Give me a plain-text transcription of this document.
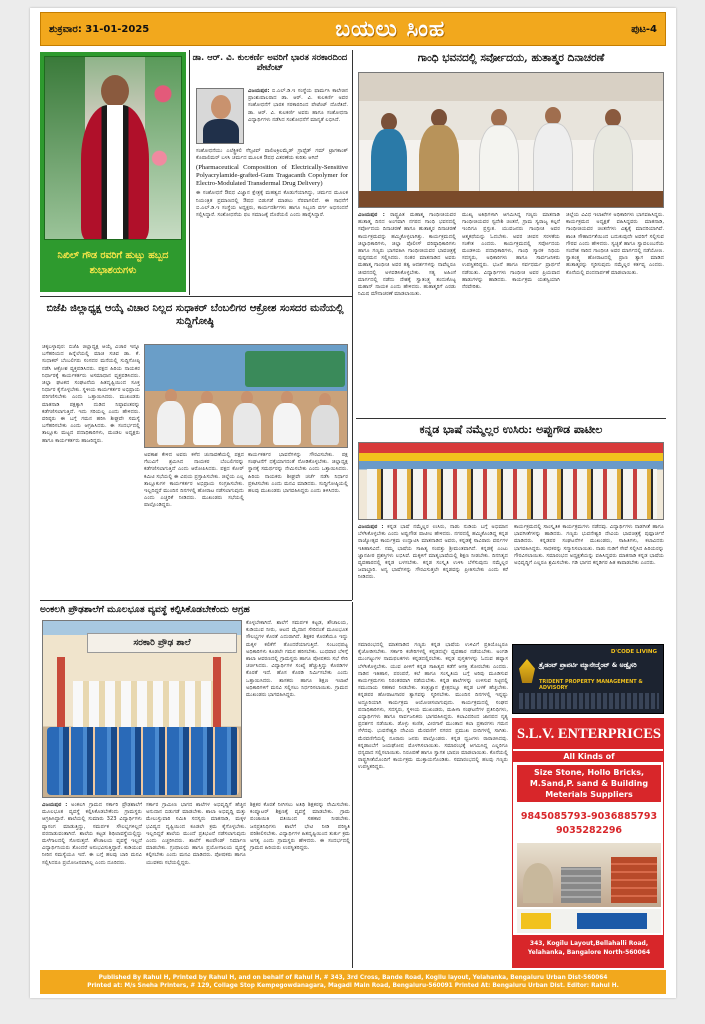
ಶುಕ್ರವಾರ: 31-01-2025	ಬಯಲು ಸಿಂಹ	ಪುಟ-4
ನಿಖಿಲ್ ಗೌಡ ರವರಿಗೆ ಹುಟ್ಟು ಹಬ್ಬದ ಶುಭಾಶಯಗಳು
ಡಾ. ಆರ್. ವಿ. ಕುಲಕರ್ಣಿ ಅವರಿಗೆ ಭಾರತ ಸರಕಾರದಿಂದ ಪೇಟೆಂಟ್
ವಿಜಯಪುರ: ಬಿ.ಎಲ್.ಡಿ.ಇ ಸಂಸ್ಥೆಯ ಫಾರ್ಮಸಿ ಕಾಲೇಜಿನ ಪ್ರಾಂಶುಪಾಲರಾದ ಡಾ. ಆರ್. ವಿ. ಕುಲಕರ್ಣಿ ಅವರ ಸಂಶೋಧನೆಗೆ ಭಾರತ ಸರಕಾರದಿಂದ ಪೇಟೆಂಟ್ ದೊರೆತಿದೆ. ಡಾ. ಆರ್. ವಿ. ಕುಲಕರ್ಣಿ ಅವರು ಹಾಗೂ ಸಂಶೋಧನಾ ವಿದ್ಯಾರ್ಥಿಗಳು ನಡೆಸಿದ ಸಂಶೋಧನೆಗೆ ಮಾನ್ಯತೆ ಲಭಿಸಿದೆ.
ಸಂಶೋಧನೆಯು ಎಲೆಕ್ಟ್ರಿಕಲಿ ಸೆನ್ಸಿಟಿವ್ ಪಾಲಿಅಕ್ರಿಲಮೈಡ್ ಗ್ರಾಫ್ಟೆಡ್ ಗಮ್ ಟ್ರಾಗಕಾಂತ್ ಕೊಪಾಲಿಮರ್ ಬಳಸಿ ಚರ್ಮದ ಮೂಲಕ ಔಷಧ ವಿತರಣೆಯ ಕುರಿತು ಆಗಿದೆ
(Pharmaceutical Composition of Electrically-Sensitive Polyacrylamide-grafted-Gum Tragacanth Copolymer for Electro-Modulated Transdermal Drug Delivery)
ಈ ಸಂಶೋಧನೆ ಔಷಧ ವಿಜ್ಞಾನ ಕ್ಷೇತ್ರಕ್ಕೆ ಮಹತ್ವದ ಕೊಡುಗೆಯಾಗಿದ್ದು, ಚರ್ಮದ ಮೂಲಕ ನಿಯಂತ್ರಿತ ಪ್ರಮಾಣದಲ್ಲಿ ಔಷಧ ಬಿಡುಗಡೆ ಮಾಡಲು ನೆರವಾಗಲಿದೆ. ಈ ಸಾಧನೆಗೆ ಬಿ.ಎಲ್.ಡಿ.ಇ ಸಂಸ್ಥೆಯ ಅಧ್ಯಕ್ಷರು, ಕಾರ್ಯದರ್ಶಿಗಳು ಹಾಗೂ ಸಿಬ್ಬಂದಿ ವರ್ಗ ಅಭಿನಂದನೆ ಸಲ್ಲಿಸಿದ್ದಾರೆ. ಸಂಶೋಧನೆಯ ಫಲ ಸಮಾಜಕ್ಕೆ ದೊರೆಯಲಿ ಎಂದು ಹಾರೈಸಿದ್ದಾರೆ.
ಗಾಂಧಿ ಭವನದಲ್ಲಿ ಸರ್ವೋದಯ, ಹುತಾತ್ಮರ ದಿನಾಚರಣೆ
ವಿಜಯಪುರ : ರಾಷ್ಟ್ರಪಿತ ಮಹಾತ್ಮ ಗಾಂಧೀಜಿಯವರ ಹುತಾತ್ಮ ದಿನದ ಅಂಗವಾಗಿ ನಗರದ ಗಾಂಧಿ ಭವನದಲ್ಲಿ ಸರ್ವೋದಯ ದಿನಾಚರಣೆ ಹಾಗೂ ಹುತಾತ್ಮರ ದಿನಾಚರಣೆ ಕಾರ್ಯಕ್ರಮವನ್ನು ಹಮ್ಮಿಕೊಳ್ಳಲಾಗಿತ್ತು. ಕಾರ್ಯಕ್ರಮದಲ್ಲಿ ಜಿಲ್ಲಾಧಿಕಾರಿಗಳು, ಜಿಲ್ಲಾ ಪೊಲೀಸ್ ವರಿಷ್ಠಾಧಿಕಾರಿಗಳು ಹಾಗೂ ಗಣ್ಯರು ಭಾಗವಹಿಸಿ ಗಾಂಧೀಜಿಯವರ ಭಾವಚಿತ್ರಕ್ಕೆ ಪುಷ್ಪನಮನ ಸಲ್ಲಿಸಿದರು. ನಂತರ ಮಾತನಾಡಿದ ಅವರು ಮಹಾತ್ಮ ಗಾಂಧೀಜಿ ಅವರ ತತ್ವ ಆದರ್ಶಗಳನ್ನು ನಾವೆಲ್ಲರೂ ಜೀವನದಲ್ಲಿ ಅಳವಡಿಸಿಕೊಳ್ಳಬೇಕು. ಸತ್ಯ ಅಹಿಂಸೆ ಮಾರ್ಗದಲ್ಲಿ ನಡೆದು ದೇಶಕ್ಕೆ ಸ್ವಾತಂತ್ರ್ಯ ತಂದುಕೊಟ್ಟ ಮಹಾನ್ ನಾಯಕ ಎಂದು ಹೇಳಿದರು. ಹುತಾತ್ಮರಿಗೆ ಎರಡು ನಿಮಿಷ ಮೌನಾಚರಣೆ ಮಾಡಲಾಯಿತು.
ಮುಖ್ಯ ಅತಿಥಿಗಳಾಗಿ ಆಗಮಿಸಿದ್ದ ಗಣ್ಯರು ಮಾತನಾಡಿ ಗಾಂಧೀಜಿಯವರ ಸ್ವದೇಶಿ ಚಿಂತನೆ, ಗ್ರಾಮ ಸ್ವರಾಜ್ಯ ಕಲ್ಪನೆ ಇಂದಿಗೂ ಪ್ರಸ್ತುತ. ಯುವಜನರು ಗಾಂಧೀಜಿ ಅವರ ಆತ್ಮಕಥೆಯನ್ನು ಓದಬೇಕು. ಅವರ ಜೀವನ ಸರಳತೆಯ ಸಂಕೇತ ಎಂದರು. ಕಾರ್ಯಕ್ರಮದಲ್ಲಿ ಸರ್ವೋದಯ ಮಂಡಳಿಯ ಪದಾಧಿಕಾರಿಗಳು, ಗಾಂಧಿ ಸ್ಮಾರಕ ನಿಧಿಯ ಸದಸ್ಯರು, ಅಧಿಕಾರಿಗಳು ಹಾಗೂ ಸಾರ್ವಜನಿಕರು ಉಪಸ್ಥಿತರಿದ್ದರು. ಭಜನೆ ಹಾಗೂ ಸರ್ವಧರ್ಮ ಪ್ರಾರ್ಥನೆ ನಡೆಯಿತು. ವಿದ್ಯಾರ್ಥಿಗಳು ಗಾಂಧೀಜಿ ಅವರ ಪ್ರಿಯವಾದ ಹಾಡುಗಳನ್ನು ಹಾಡಿದರು. ಕಾರ್ಯಕ್ರಮ ಯಶಸ್ವಿಯಾಗಿ ನೆರವೇರಿತು.
ಜಿಲ್ಲೆಯ ವಿವಿಧ ಇಲಾಖೆಗಳ ಅಧಿಕಾರಿಗಳು ಭಾಗವಹಿಸಿದ್ದರು. ಕಾರ್ಯಕ್ರಮದ ಅಧ್ಯಕ್ಷತೆ ವಹಿಸಿದ್ದವರು ಮಾತನಾಡಿ, ಗಾಂಧೀಜಿಯವರ ಚಿಂತನೆಗಳು ವಿಶ್ವಕ್ಕೆ ಮಾದರಿಯಾಗಿವೆ. ಶಾಂತಿ ಸೌಹಾರ್ದತೆಯಿಂದ ಬದುಕುವುದೇ ಅವರಿಗೆ ಸಲ್ಲಿಸುವ ಗೌರವ ಎಂದು ಹೇಳಿದರು. ಸ್ವಚ್ಛತೆ ಹಾಗೂ ಸ್ವಾವಲಂಬನೆಯ ಸಂದೇಶ ಸಾರಿದ ಗಾಂಧೀಜಿ ಅವರ ಮಾರ್ಗದಲ್ಲಿ ನಡೆಯೋಣ. ಸ್ವಾತಂತ್ರ್ಯ ಹೋರಾಟದಲ್ಲಿ ಪ್ರಾಣ ತ್ಯಾಗ ಮಾಡಿದ ಹುತಾತ್ಮರನ್ನು ಸ್ಮರಿಸುವುದು ನಮ್ಮೆಲ್ಲರ ಕರ್ತವ್ಯ ಎಂದರು. ಕೊನೆಯಲ್ಲಿ ವಂದನಾರ್ಪಣೆ ಮಾಡಲಾಯಿತು.
ಬಿಜೆಪಿ ಜಿಲ್ಲಾಧ್ಯಕ್ಷ ಆಯ್ಕೆ ವಿಚಾರ ನಿಲ್ಲದ ಸುಧಾಕರ್ ಬೆಂಬಲಿಗರ ಆಕ್ರೋಶ ಸಂಸದರ ಮನೆಯಲ್ಲಿ ಸುದ್ದಿಗೋಷ್ಠಿ
ಚಿಕ್ಕಬಳ್ಳಾಪುರ: ಬಿಜೆಪಿ ಜಿಲ್ಲಾಧ್ಯಕ್ಷ ಆಯ್ಕೆ ವಿಚಾರ ಇನ್ನೂ ಬಗೆಹರಿಯದ ಹಿನ್ನೆಲೆಯಲ್ಲಿ ಮಾಜಿ ಸಚಿವ ಡಾ. ಕೆ. ಸುಧಾಕರ್ ಬೆಂಬಲಿಗರು ಸಂಸದರ ಮನೆಯಲ್ಲಿ ಸುದ್ದಿಗೋಷ್ಠಿ ನಡೆಸಿ ಆಕ್ರೋಶ ವ್ಯಕ್ತಪಡಿಸಿದರು. ಪಕ್ಷದ ಹಿರಿಯ ನಾಯಕರ ನಿರ್ಧಾರಕ್ಕೆ ಕಾರ್ಯಕರ್ತರು ಅಸಮಾಧಾನ ವ್ಯಕ್ತಪಡಿಸಿದರು. ಜಿಲ್ಲಾ ಘಟಕದ ಸಂಘಟನೆಯ ಹಿತದೃಷ್ಟಿಯಿಂದ ಸೂಕ್ತ ನಿರ್ಧಾರ ಕೈಗೊಳ್ಳಬೇಕು. ಸ್ಥಳೀಯ ಕಾರ್ಯಕರ್ತರ ಅಭಿಪ್ರಾಯ ಪರಿಗಣಿಸಬೇಕು ಎಂದು ಒತ್ತಾಯಿಸಿದರು. ಮುಖಂಡರು ಮಾತನಾಡಿ ಪಕ್ಷಕ್ಕಾಗಿ ದುಡಿದ ನಿಷ್ಠಾವಂತರನ್ನು ಕಡೆಗಣಿಸಲಾಗುತ್ತಿದೆ. ಇದು ಸರಿಯಲ್ಲ ಎಂದು ಹೇಳಿದರು. ವರಿಷ್ಠರು ಈ ಬಗ್ಗೆ ಗಮನ ಹರಿಸಿ ಶೀಘ್ರವೇ ಸಮಸ್ಯೆ ಬಗೆಹರಿಸಬೇಕು ಎಂದು ಆಗ್ರಹಿಸಿದರು. ಈ ಸಂದರ್ಭದಲ್ಲಿ ತಾಲ್ಲೂಕು ಮಟ್ಟದ ಪದಾಧಿಕಾರಿಗಳು, ಮಂಡಲ ಅಧ್ಯಕ್ಷರು ಹಾಗೂ ಕಾರ್ಯಕರ್ತರು ಹಾಜರಿದ್ದರು.
ಅವಕಾಶ ಕೇಳಿದ ಅವರು ಕಳೆದ ಚುನಾವಣೆಯಲ್ಲಿ ಪಕ್ಷದ ಗೆಲುವಿಗೆ ಶ್ರಮಿಸಿದ ನಾಯಕರ ಬೆಂಬಲಿಗರನ್ನು ಕಡೆಗಣಿಸಲಾಗುತ್ತಿದೆ ಎಂದು ಆರೋಪಿಸಿದರು. ಪಕ್ಷದ ಕೋರ್ ಕಮಿಟಿ ಸಭೆಯಲ್ಲಿ ಈ ವಿಷಯ ಪ್ರಸ್ತಾಪಿಸಬೇಕು. ಜಿಲ್ಲೆಯ ಎಲ್ಲ ತಾಲ್ಲೂಕುಗಳ ಕಾರ್ಯಕರ್ತರ ಅಭಿಪ್ರಾಯ ಸಂಗ್ರಹಿಸಬೇಕು. ಇಲ್ಲದಿದ್ದರೆ ಮುಂದಿನ ದಿನಗಳಲ್ಲಿ ಹೋರಾಟ ನಡೆಸಲಾಗುವುದು ಎಂದು ಎಚ್ಚರಿಕೆ ನೀಡಿದರು. ಮುಖಂಡರು ಸಭೆಯಲ್ಲಿ ಪಾಲ್ಗೊಂಡಿದ್ದರು.
ಕಾರ್ಯಕರ್ತರ ಭಾವನೆಗಳನ್ನು ಗೌರವಿಸಬೇಕು. ಪಕ್ಷ ಸಂಘಟನೆಗೆ ಧಕ್ಕೆಯಾಗದಂತೆ ನೋಡಿಕೊಳ್ಳಬೇಕು. ಜಿಲ್ಲಾಧ್ಯಕ್ಷ ಸ್ಥಾನಕ್ಕೆ ಸಮರ್ಥರನ್ನು ನೇಮಿಸಬೇಕು ಎಂದು ಒತ್ತಾಯಿಸಿದರು. ಹಿರಿಯ ನಾಯಕರು ಶೀಘ್ರವೇ ಚರ್ಚೆ ನಡೆಸಿ ನಿರ್ಧಾರ ಪ್ರಕಟಿಸಬೇಕು ಎಂದು ಮನವಿ ಮಾಡಿದರು. ಸುದ್ದಿಗೋಷ್ಠಿಯಲ್ಲಿ ಹಲವು ಮುಖಂಡರು ಭಾಗವಹಿಸಿದ್ದರು ಎಂದು ತಿಳಿಸಿದರು.
ಕನ್ನಡ ಭಾಷೆ ನಮ್ಮೆಲ್ಲರ ಉಸಿರು: ಅಪ್ಪುಗೌಡ ಪಾಟೀಲ
ವಿಜಯಪುರ : ಕನ್ನಡ ಭಾಷೆ ನಮ್ಮೆಲ್ಲರ ಉಸಿರು, ನಾಡು ನುಡಿಯ ಬಗ್ಗೆ ಅಭಿಮಾನ ಬೆಳೆಸಿಕೊಳ್ಳಬೇಕು ಎಂದು ಅಪ್ಪುಗೌಡ ಪಾಟೀಲ ಹೇಳಿದರು. ನಗರದಲ್ಲಿ ಹಮ್ಮಿಕೊಂಡಿದ್ದ ಕನ್ನಡ ರಾಜ್ಯೋತ್ಸವ ಕಾರ್ಯಕ್ರಮ ಉದ್ಘಾಟಿಸಿ ಮಾತನಾಡಿದ ಅವರು, ಕನ್ನಡಕ್ಕೆ ಸಾವಿರಾರು ವರ್ಷಗಳ ಇತಿಹಾಸವಿದೆ. ನಮ್ಮ ಭಾಷೆಯ ಸಾಹಿತ್ಯ ಸಂಪತ್ತು ಶ್ರೀಮಂತವಾಗಿದೆ. ಕನ್ನಡಕ್ಕೆ ಎಂಟು ಜ್ಞಾನಪೀಠ ಪ್ರಶಸ್ತಿಗಳು ಲಭಿಸಿವೆ. ಮಕ್ಕಳಿಗೆ ಮಾತೃಭಾಷೆಯಲ್ಲಿ ಶಿಕ್ಷಣ ನೀಡಬೇಕು. ದಿನನಿತ್ಯದ ವ್ಯವಹಾರದಲ್ಲಿ ಕನ್ನಡ ಬಳಸಬೇಕು. ಕನ್ನಡ ಸಂಸ್ಕೃತಿ ಉಳಿಸಿ ಬೆಳೆಸುವುದು ನಮ್ಮೆಲ್ಲರ ಜವಾಬ್ದಾರಿ. ಅನ್ಯ ಭಾಷೆಗಳನ್ನು ಗೌರವಿಸುತ್ತಲೇ ಕನ್ನಡವನ್ನು ಪ್ರೀತಿಸಬೇಕು ಎಂದು ಕರೆ ನೀಡಿದರು.
ಕಾರ್ಯಕ್ರಮದಲ್ಲಿ ಸಾಂಸ್ಕೃತಿಕ ಕಾರ್ಯಕ್ರಮಗಳು ನಡೆದವು. ವಿದ್ಯಾರ್ಥಿಗಳು ನಾಡಗೀತೆ ಹಾಗೂ ಭಾವಗೀತೆಗಳನ್ನು ಹಾಡಿದರು. ಗಣ್ಯರು ಭುವನೇಶ್ವರಿ ದೇವಿಯ ಭಾವಚಿತ್ರಕ್ಕೆ ಪುಷ್ಪಾರ್ಚನೆ ಮಾಡಿದರು. ಕನ್ನಡಪರ ಸಂಘಟನೆಗಳ ಮುಖಂಡರು, ಸಾಹಿತಿಗಳು, ಕಲಾವಿದರು ಭಾಗವಹಿಸಿದ್ದರು. ಸಾಧಕರನ್ನು ಸನ್ಮಾನಿಸಲಾಯಿತು. ನಾಡು ನುಡಿಗೆ ಸೇವೆ ಸಲ್ಲಿಸಿದ ಹಿರಿಯರನ್ನು ಗೌರವಿಸಲಾಯಿತು. ಸಮಾರಂಭದ ಅಧ್ಯಕ್ಷತೆಯನ್ನು ವಹಿಸಿದ್ದವರು ಮಾತನಾಡಿ ಕನ್ನಡ ಭಾಷೆಯ ಅಭಿವೃದ್ಧಿಗೆ ಎಲ್ಲರೂ ಶ್ರಮಿಸಬೇಕು. ಗಡಿ ಭಾಗದ ಕನ್ನಡಿಗರ ಹಿತ ಕಾಪಾಡಬೇಕು ಎಂದರು.
ಅಂಕಲಗಿ ಪ್ರೌಢಶಾಲೆಗೆ ಮೂಲಭೂತ ವ್ಯವಸ್ಥೆ ಕಲ್ಪಿಸಿಕೊಡಬೇಕೆಂದು ಆಗ್ರಹ
ಸರಕಾರಿ ಪ್ರೌಢ ಶಾಲೆ
ಕೊಳ್ಳಬೇಕಾಗಿದೆ. ಶಾಲೆಗೆ ಸಮರ್ಪಕ ಕಟ್ಟಡ, ಶೌಚಾಲಯ, ಕುಡಿಯುವ ನೀರು, ಆಟದ ಮೈದಾನ ಸೇರಿದಂತೆ ಮೂಲಭೂತ ಸೌಲಭ್ಯಗಳ ಕೊರತೆ ಎದುರಾಗಿದೆ. ಶಿಕ್ಷಕರ ಕೊರತೆಯೂ ಇದ್ದು ಮಕ್ಕಳ ಕಲಿಕೆಗೆ ತೊಂದರೆಯಾಗುತ್ತಿದೆ. ಸಂಬಂಧಪಟ್ಟ ಅಧಿಕಾರಿಗಳು ಕೂಡಲೇ ಗಮನ ಹರಿಸಬೇಕು. ಬುಧವಾರ ಬೆಳಿಗ್ಗೆ ಶಾಲಾ ಆವರಣದಲ್ಲಿ ಗ್ರಾಮಸ್ಥರು ಹಾಗೂ ಪೋಷಕರು ಸಭೆ ಸೇರಿ ಚರ್ಚಿಸಿದರು. ವಿದ್ಯಾರ್ಥಿಗಳ ಸಂಖ್ಯೆ ಹೆಚ್ಚುತ್ತಿದ್ದು ಕೊಠಡಿಗಳ ಕೊರತೆ ಇದೆ. ಹೊಸ ಕೊಠಡಿ ನಿರ್ಮಿಸಬೇಕು ಎಂದು ಒತ್ತಾಯಿಸಿದರು. ಶಾಸಕರು ಹಾಗೂ ಶಿಕ್ಷಣ ಇಲಾಖೆ ಅಧಿಕಾರಿಗಳಿಗೆ ಮನವಿ ಸಲ್ಲಿಸಲು ನಿರ್ಧರಿಸಲಾಯಿತು. ಗ್ರಾಮದ ಮುಖಂಡರು ಭಾಗವಹಿಸಿದ್ದರು.
ವಿಜಯಪುರ : ಅಂಕಲಗಿ ಗ್ರಾಮದ ಸರ್ಕಾರಿ ಪ್ರೌಢಶಾಲೆಗೆ ಮೂಲಭೂತ ವ್ಯವಸ್ಥೆ ಕಲ್ಪಿಸಿಕೊಡಬೇಕೆಂದು ಗ್ರಾಮಸ್ಥರು ಆಗ್ರಹಿಸಿದ್ದಾರೆ. ಶಾಲೆಯಲ್ಲಿ ಸುಮಾರು 323 ವಿದ್ಯಾರ್ಥಿಗಳು ವ್ಯಾಸಂಗ ಮಾಡುತ್ತಿದ್ದು, ಸಮರ್ಪಕ ಸೌಲಭ್ಯಗಳಿಲ್ಲದೆ ಪರದಾಡುವಂತಾಗಿದೆ. ಶಾಲೆಯ ಕಟ್ಟಡ ಶಿಥಿಲಾವಸ್ಥೆಯಲ್ಲಿದ್ದು ಮಳೆಗಾಲದಲ್ಲಿ ಸೋರುತ್ತದೆ. ಶೌಚಾಲಯ ವ್ಯವಸ್ಥೆ ಇಲ್ಲದೆ ವಿದ್ಯಾರ್ಥಿನಿಯರು ತೊಂದರೆ ಅನುಭವಿಸುತ್ತಿದ್ದಾರೆ. ಕುಡಿಯುವ ನೀರಿನ ಸಮಸ್ಯೆಯೂ ಇದೆ. ಈ ಬಗ್ಗೆ ಹಲವು ಬಾರಿ ಮನವಿ ಸಲ್ಲಿಸಿದರೂ ಪ್ರಯೋಜನವಾಗಿಲ್ಲ ಎಂದು ದೂರಿದರು.
ಸರ್ಕಾರ ಗ್ರಾಮೀಣ ಭಾಗದ ಶಾಲೆಗಳ ಅಭಿವೃದ್ಧಿಗೆ ಹೆಚ್ಚಿನ ಅನುದಾನ ಬಿಡುಗಡೆ ಮಾಡಬೇಕು. ಶಾಲಾ ಅಭಿವೃದ್ಧಿ ಮತ್ತು ಮೇಲುಸ್ತುವಾರಿ ಸಮಿತಿ ಸದಸ್ಯರು ಮಾತನಾಡಿ, ಮಕ್ಕಳ ಭವಿಷ್ಯದ ದೃಷ್ಟಿಯಿಂದ ಕೂಡಲೇ ಕ್ರಮ ಕೈಗೊಳ್ಳಬೇಕು. ಇಲ್ಲದಿದ್ದರೆ ಶಾಲೆಯ ಮುಂದೆ ಪ್ರತಿಭಟನೆ ನಡೆಸಲಾಗುವುದು ಎಂದು ಎಚ್ಚರಿಸಿದರು. ಶಾಲೆಗೆ ಕಾಂಪೌಂಡ್ ನಿರ್ಮಾಣ ಮಾಡಬೇಕು. ಗ್ರಂಥಾಲಯ ಹಾಗೂ ಪ್ರಯೋಗಾಲಯ ವ್ಯವಸ್ಥೆ ಕಲ್ಪಿಸಬೇಕು ಎಂದು ಮನವಿ ಮಾಡಿದರು. ಪೋಷಕರು ಹಾಗೂ ಯುವಕರು ಸಭೆಯಲ್ಲಿದ್ದರು.
ಶಿಕ್ಷಕರ ಕೊರತೆ ನೀಗಿಸಲು ಅತಿಥಿ ಶಿಕ್ಷಕರನ್ನು ನೇಮಿಸಬೇಕು. ಕಂಪ್ಯೂಟರ್ ಶಿಕ್ಷಣಕ್ಕೆ ವ್ಯವಸ್ಥೆ ಮಾಡಬೇಕು. ಗ್ರಾಮ ಪಂಚಾಯಿತಿ ವತಿಯಿಂದ ಸಹಕಾರ ನೀಡಬೇಕು. ಜನಪ್ರತಿನಿಧಿಗಳು ಶಾಲೆಗೆ ಭೇಟಿ ನೀಡಿ ಪರಿಸ್ಥಿತಿ ಪರಿಶೀಲಿಸಬೇಕು. ವಿದ್ಯಾರ್ಥಿಗಳ ಹಿತದೃಷ್ಟಿಯಿಂದ ತುರ್ತು ಕ್ರಮ ಅಗತ್ಯ ಎಂದು ಗ್ರಾಮಸ್ಥರು ಹೇಳಿದರು. ಈ ಸಂದರ್ಭದಲ್ಲಿ ಗ್ರಾಮದ ಹಿರಿಯರು ಉಪಸ್ಥಿತರಿದ್ದರು.
ಸಮಾರಂಭದಲ್ಲಿ ಮಾತನಾಡಿದ ಗಣ್ಯರು ಕನ್ನಡ ಭಾಷೆಯ ಉಳಿವಿಗೆ ಪ್ರತಿಯೊಬ್ಬರೂ ಕೈಜೋಡಿಸಬೇಕು. ಸರ್ಕಾರಿ ಕಚೇರಿಗಳಲ್ಲಿ ಕನ್ನಡದಲ್ಲೇ ವ್ಯವಹಾರ ನಡೆಯಬೇಕು. ಅಂಗಡಿ ಮುಂಗಟ್ಟುಗಳ ನಾಮಫಲಕಗಳು ಕನ್ನಡದಲ್ಲಿರಬೇಕು. ಕನ್ನಡ ಪುಸ್ತಕಗಳನ್ನು ಓದುವ ಹವ್ಯಾಸ ಬೆಳೆಸಿಕೊಳ್ಳಬೇಕು. ಯುವ ಪೀಳಿಗೆ ಕನ್ನಡ ಸಾಹಿತ್ಯದ ಕಡೆಗೆ ಆಸಕ್ತಿ ತೋರಬೇಕು ಎಂದರು. ನಾಡಿನ ಇತಿಹಾಸ, ಪರಂಪರೆ, ಕಲೆ ಹಾಗೂ ಸಂಸ್ಕೃತಿಯ ಬಗ್ಗೆ ಅರಿವು ಮೂಡಿಸುವ ಕಾರ್ಯಕ್ರಮಗಳು ನಿರಂತರವಾಗಿ ನಡೆಯಬೇಕು. ಕನ್ನಡ ಶಾಲೆಗಳನ್ನು ಉಳಿಸುವ ನಿಟ್ಟಿನಲ್ಲಿ ಸಮುದಾಯ ಸಹಕಾರ ನೀಡಬೇಕು. ತಂತ್ರಜ್ಞಾನ ಕ್ಷೇತ್ರದಲ್ಲೂ ಕನ್ನಡ ಬಳಕೆ ಹೆಚ್ಚಬೇಕು. ಕನ್ನಡಪರ ಹೋರಾಟಗಾರರ ತ್ಯಾಗವನ್ನು ಸ್ಮರಿಸಬೇಕು. ಮುಂದಿನ ದಿನಗಳಲ್ಲಿ ಇನ್ನಷ್ಟು ಅದ್ದೂರಿಯಾಗಿ ಕಾರ್ಯಕ್ರಮ ಆಯೋಜಿಸಲಾಗುವುದು. ಕಾರ್ಯಕ್ರಮದಲ್ಲಿ ಸಂಘದ ಪದಾಧಿಕಾರಿಗಳು, ಸದಸ್ಯರು, ಸ್ಥಳೀಯ ಮುಖಂಡರು, ಮಹಿಳಾ ಸಂಘಟನೆಗಳ ಪ್ರತಿನಿಧಿಗಳು, ವಿದ್ಯಾರ್ಥಿಗಳು ಹಾಗೂ ಸಾರ್ವಜನಿಕರು ಭಾಗವಹಿಸಿದ್ದರು. ಕಲಾವಿದರಿಂದ ಜಾನಪದ ನೃತ್ಯ ಪ್ರದರ್ಶನ ನಡೆಯಿತು. ಡೊಳ್ಳು ಕುಣಿತ, ವೀರಗಾಸೆ ಮುಂತಾದ ಕಲಾ ಪ್ರಕಾರಗಳು ಗಮನ ಸೆಳೆದವು. ಭುವನೇಶ್ವರಿ ದೇವಿಯ ಮೆರವಣಿಗೆ ನಗರದ ಪ್ರಮುಖ ಬೀದಿಗಳಲ್ಲಿ ಸಾಗಿತು. ಮೆರವಣಿಗೆಯಲ್ಲಿ ನೂರಾರು ಜನರು ಪಾಲ್ಗೊಂಡರು. ಕನ್ನಡ ಧ್ವಜಗಳು ರಾರಾಜಿಸಿದವು. ಕನ್ನಡಾಂಬೆಗೆ ಜಯಘೋಷ ಮೊಳಗಿಸಲಾಯಿತು. ಸಮಾರಂಭಕ್ಕೆ ಆಗಮಿಸಿದ್ದ ಎಲ್ಲರಿಗೂ ಧನ್ಯವಾದ ಸಲ್ಲಿಸಲಾಯಿತು. ನಿರೂಪಣೆ ಹಾಗೂ ಸ್ವಾಗತ ಭಾಷಣ ಮಾಡಲಾಯಿತು. ಕೊನೆಯಲ್ಲಿ ರಾಷ್ಟ್ರಗೀತೆಯೊಂದಿಗೆ ಕಾರ್ಯಕ್ರಮ ಮುಕ್ತಾಯಗೊಂಡಿತು. ಸಮಾರಂಭದಲ್ಲಿ ಹಲವು ಗಣ್ಯರು ಉಪಸ್ಥಿತರಿದ್ದರು.
D'CODE LIVING
ತ್ರೈಡಂಟ್ ಪ್ರಾಪರ್ಟಿ ಮ್ಯಾನೇಜ್ಮೆಂಟ್ & ಅಡ್ವೈಸರಿ
TRIDENT PROPERTY MANAGEMENT & ADVISORY
S.L.V. ENTERPRICES
All Kinds of
Size Stone, Hollo Bricks, M.Sand,P. sand & Building Meterials Suppliers
9845085793-9036885793
9035282296
343, Kogilu Layout,Bellahalli Road, Yelahanka, Bangalore North-560064
Published By Rahul H, Printed by Rahul H, and on behalf of Rahul H, # 343, 3rd Cross, Bande Road, Kogilu layout, Yelahanka, Bengaluru Urban Dist-560064
Printed at: M/s Sneha Printers, # 129, Collage Stop Kempegowdanagara, Magadi Main Road, Bengaluru-560091 Printed At: Bengaluru Urban Dist. Editor: Rahul H.
